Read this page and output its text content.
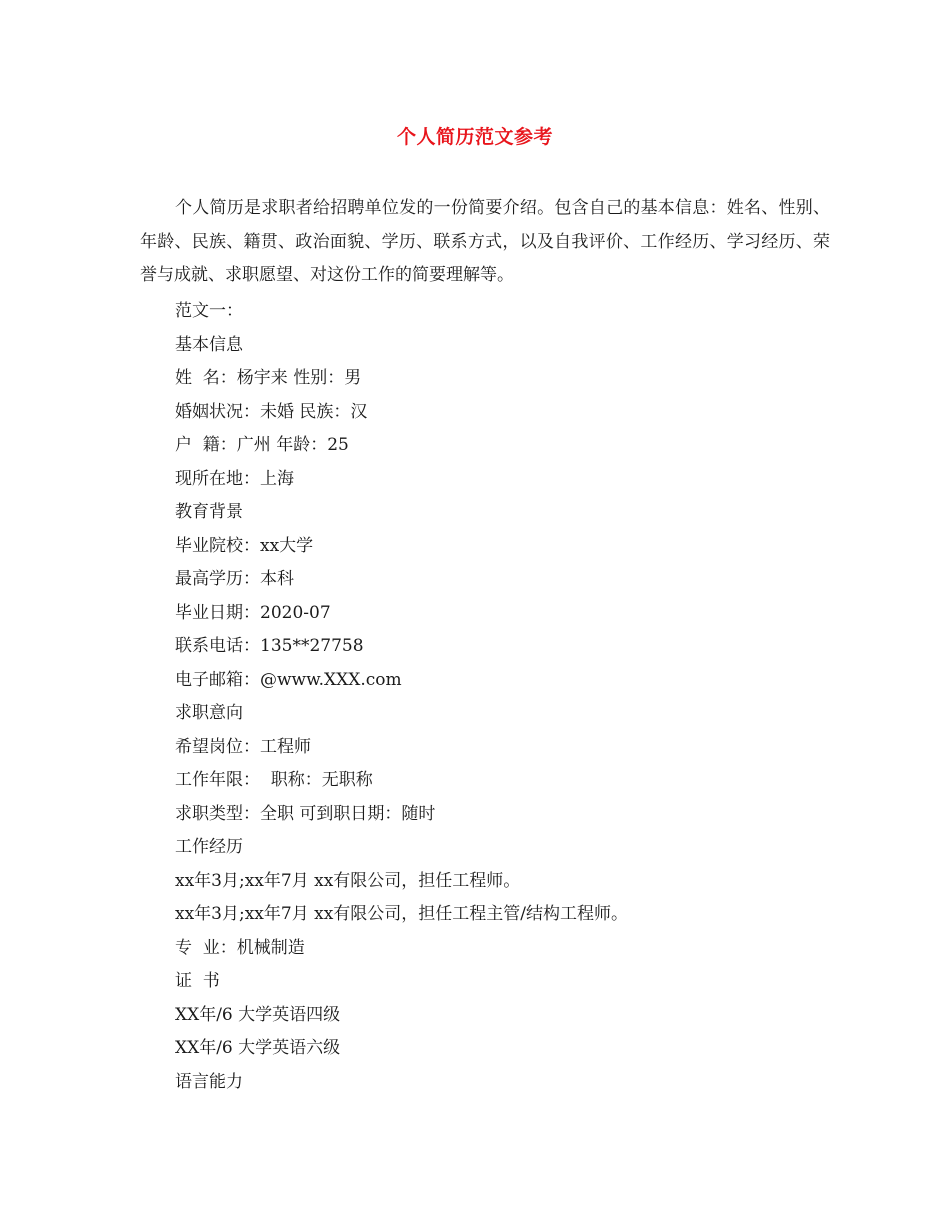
个人简历范文参考

个人简历是求职者给招聘单位发的一份简要介绍。包含自己的基本信息：姓名、性别、年龄、民族、籍贯、政治面貌、学历、联系方式，以及自我评价、工作经历、学习经历、荣誉与成就、求职愿望、对这份工作的简要理解等。

范文一：
基本信息
姓  名：杨宇来 性别：男
婚姻状况：未婚 民族：汉
户  籍：广州 年龄：25
现所在地：上海
教育背景
毕业院校：xx大学
最高学历：本科
毕业日期：2020-07
联系电话：135**27758
电子邮箱：@www.XXX.com
求职意向
希望岗位：工程师
工作年限：  职称：无职称
求职类型：全职 可到职日期：随时
工作经历
xx年3月;xx年7月 xx有限公司，担任工程师。
xx年3月;xx年7月 xx有限公司，担任工程主管/结构工程师。
专  业：机械制造
证  书
XX年/6 大学英语四级
XX年/6 大学英语六级
语言能力
